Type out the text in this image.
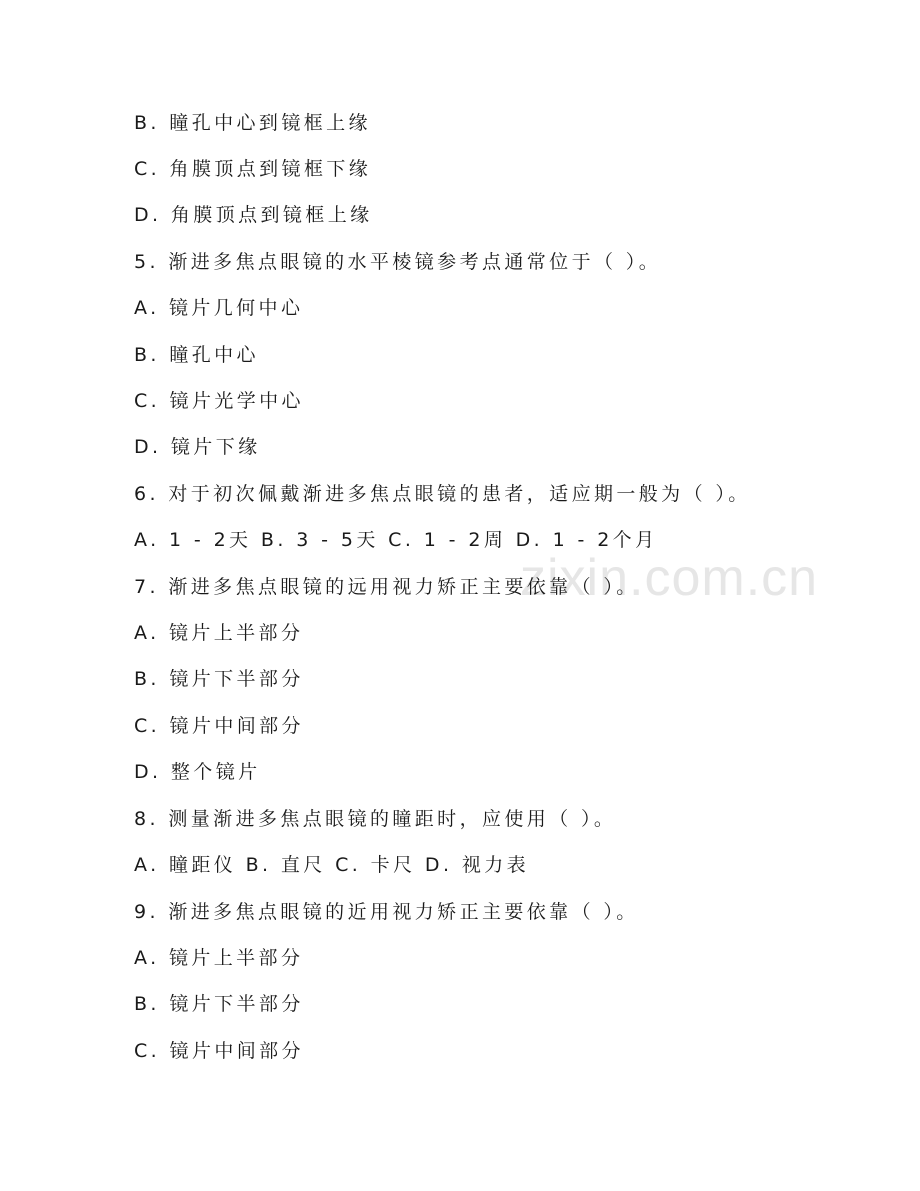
zixin.com.cn
B. 瞳孔中心到镜框上缘
C. 角膜顶点到镜框下缘
D. 角膜顶点到镜框上缘
5. 渐进多焦点眼镜的水平棱镜参考点通常位于（ ）。
A. 镜片几何中心
B. 瞳孔中心
C. 镜片光学中心
D. 镜片下缘
6. 对于初次佩戴渐进多焦点眼镜的患者，适应期一般为（ ）。
A. 1 - 2天 B. 3 - 5天 C. 1 - 2周 D. 1 - 2个月
7. 渐进多焦点眼镜的远用视力矫正主要依靠（ ）。
A. 镜片上半部分
B. 镜片下半部分
C. 镜片中间部分
D. 整个镜片
8. 测量渐进多焦点眼镜的瞳距时，应使用（ ）。
A. 瞳距仪 B. 直尺 C. 卡尺 D. 视力表
9. 渐进多焦点眼镜的近用视力矫正主要依靠（ ）。
A. 镜片上半部分
B. 镜片下半部分
C. 镜片中间部分
